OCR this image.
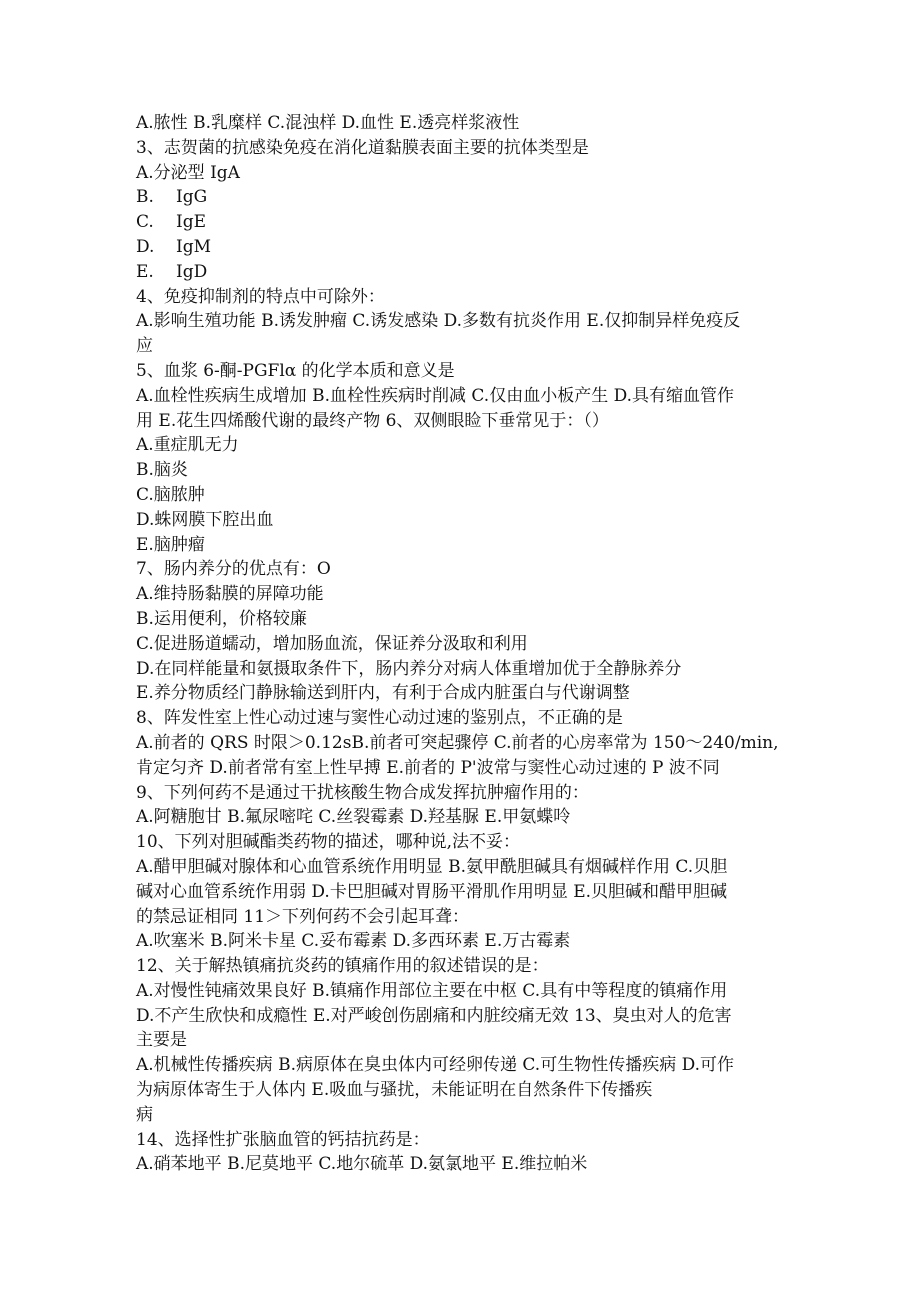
A.脓性 B.乳糜样 C.混浊样 D.血性 E.透亮样浆液性
3、志贺菌的抗感染免疫在消化道黏膜表面主要的抗体类型是
A.分泌型 IgA
B.	IgG
C.	IgE
D.	IgM
E.	IgD
4、免疫抑制剂的特点中可除外：
A.影响生殖功能 B.诱发肿瘤 C.诱发感染 D.多数有抗炎作用 E.仅抑制异样免疫反
应
5、血浆 6-酮-PGFlα 的化学本质和意义是
A.血栓性疾病生成增加 B.血栓性疾病时削减 C.仅由血小板产生 D.具有缩血管作
用 E.花生四烯酸代谢的最终产物 6、双侧眼睑下垂常见于：（）
A.重症肌无力
B.脑炎
C.脑脓肿
D.蛛网膜下腔出血
E.脑肿瘤
7、肠内养分的优点有：O
A.维持肠黏膜的屏障功能
B.运用便利，价格较廉
C.促进肠道蠕动，增加肠血流，保证养分汲取和利用
D.在同样能量和氨摄取条件下，肠内养分对病人体重增加优于全静脉养分
E.养分物质经门静脉输送到肝内，有利于合成内脏蛋白与代谢调整
8、阵发性室上性心动过速与窦性心动过速的鉴别点，不正确的是
A.前者的 QRS 时限＞0.12sB.前者可突起骤停 C.前者的心房率常为 150～240/min,
肯定匀齐 D.前者常有室上性早搏 E.前者的 P'波常与窦性心动过速的 P 波不同
9、下列何药不是通过干扰核酸生物合成发挥抗肿瘤作用的：
A.阿糖胞甘 B.氟尿嘧咤 C.丝裂霉素 D.羟基脲 E.甲氨蝶呤
10、下列对胆碱酯类药物的描述，哪种说,法不妥：
A.醋甲胆碱对腺体和心血管系统作用明显 B.氨甲酰胆碱具有烟碱样作用 C.贝胆
碱对心血管系统作用弱 D.卡巴胆碱对胃肠平滑肌作用明显 E.贝胆碱和醋甲胆碱
的禁忌证相同 11＞下列何药不会引起耳聋：
A.吹塞米 B.阿米卡星 C.妥布霉素 D.多西环素 E.万古霉素
12、关于解热镇痛抗炎药的镇痛作用的叙述错误的是：
A.对慢性钝痛效果良好 B.镇痛作用部位主要在中枢 C.具有中等程度的镇痛作用
D.不产生欣快和成瘾性 E.对严峻创伤剧痛和内脏绞痛无效 13、臭虫对人的危害
主要是
A.机械性传播疾病 B.病原体在臭虫体内可经卵传递 C.可生物性传播疾病 D.可作
为病原体寄生于人体内 E.吸血与骚扰，未能证明在自然条件下传播疾
病
14、选择性扩张脑血管的钙拮抗药是：
A.硝苯地平 B.尼莫地平 C.地尔硫革 D.氨氯地平 E.维拉帕米
